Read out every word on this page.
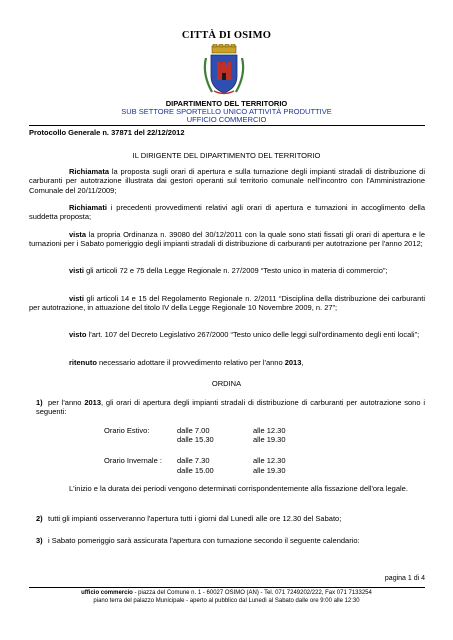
CITTÀ DI OSIMO
DIPARTIMENTO DEL TERRITORIO
SUB SETTORE SPORTELLO UNICO ATTIVITÀ PRODUTTIVE
UFFICIO COMMERCIO
Protocollo Generale n. 37871 del 22/12/2012
IL DIRIGENTE DEL DIPARTIMENTO DEL TERRITORIO
Richiamata la proposta sugli orari di apertura e sulla turnazione degli impianti stradali di distribuzione di carburanti per autotrazione illustrata dai gestori operanti sul territorio comunale nell'incontro con l'Amministrazione Comunale del 20/11/2009;
Richiamati i precedenti provvedimenti relativi agli orari di apertura e turnazioni in accoglimento della suddetta proposta;
vista la propria Ordinanza n. 39080 del 30/12/2011 con la quale sono stati fissati gli orari di apertura e le turnazioni per i Sabato pomeriggio degli impianti stradali di distribuzione di carburanti per autotrazione per l'anno 2012;
visti gli articoli 72 e 75 della Legge Regionale n. 27/2009 “Testo unico in materia di commercio”;
visti gli articoli 14 e 15 del Regolamento Regionale n. 2/2011 “Disciplina della distribuzione dei carburanti per autotrazione, in attuazione del titolo IV della Legge Regionale 10 Novembre 2009, n. 27”;
visto l'art. 107 del Decreto Legislativo 267/2000 “Testo unico delle leggi sull'ordinamento degli enti locali”;
ritenuto necessario adottare il provvedimento relativo per l'anno 2013,
ORDINA
1) per l'anno 2013, gli orari di apertura degli impianti stradali di distribuzione di carburanti per autotrazione sono i seguenti:
Orario Estivo:	dalle 7.00	alle 12.30
dalle 15.30	alle 19.30
Orario Invernale : dalle 7.30	alle 12.30
dalle 15.00	alle 19.30
L'inizio e la durata dei periodi vengono determinati corrispondentemente alla fissazione dell'ora legale.
2) tutti gli impianti osserveranno l'apertura tutti i giorni dal Lunedì alle ore 12.30 del Sabato;
3) i Sabato pomeriggio sarà assicurata l'apertura con turnazione secondo il seguente calendario:
pagina 1 di 4
ufficio commercio - piazza del Comune n. 1 - 60027 OSIMO (AN) - Tel. 071 7249202/222, Fax 071 7133254
piano terra del palazzo Municipale - aperto al pubblico dal Lunedì al Sabato dalle ore 9:00 alle 12:30
